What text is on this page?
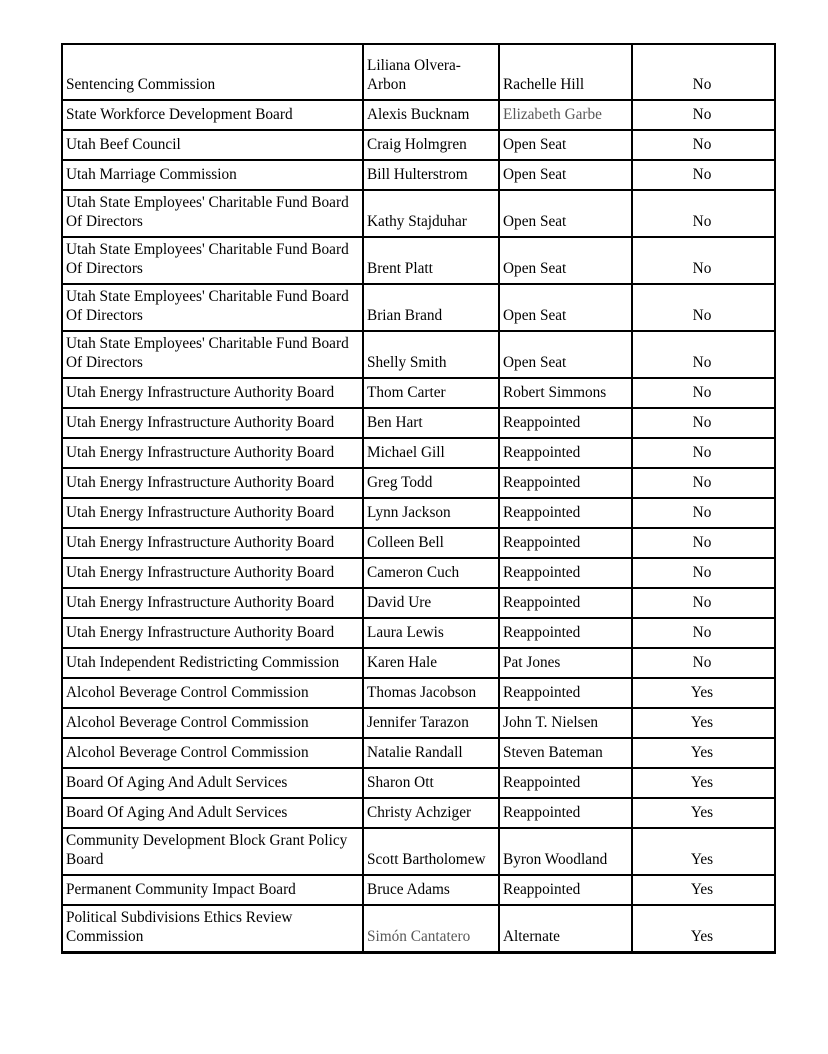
Sentencing Commission	Liliana Olvera-Arbon	Rachelle Hill	No
State Workforce Development Board	Alexis Bucknam	Elizabeth Garbe	No
Utah Beef Council	Craig Holmgren	Open Seat	No
Utah Marriage Commission	Bill Hulterstrom	Open Seat	No
Utah State Employees' Charitable Fund Board Of Directors	Kathy Stajduhar	Open Seat	No
Utah State Employees' Charitable Fund Board Of Directors	Brent Platt	Open Seat	No
Utah State Employees' Charitable Fund Board Of Directors	Brian Brand	Open Seat	No
Utah State Employees' Charitable Fund Board Of Directors	Shelly Smith	Open Seat	No
Utah Energy Infrastructure Authority Board	Thom Carter	Robert Simmons	No
Utah Energy Infrastructure Authority Board	Ben Hart	Reappointed	No
Utah Energy Infrastructure Authority Board	Michael Gill	Reappointed	No
Utah Energy Infrastructure Authority Board	Greg Todd	Reappointed	No
Utah Energy Infrastructure Authority Board	Lynn Jackson	Reappointed	No
Utah Energy Infrastructure Authority Board	Colleen Bell	Reappointed	No
Utah Energy Infrastructure Authority Board	Cameron Cuch	Reappointed	No
Utah Energy Infrastructure Authority Board	David Ure	Reappointed	No
Utah Energy Infrastructure Authority Board	Laura Lewis	Reappointed	No
Utah Independent Redistricting Commission	Karen Hale	Pat Jones	No
Alcohol Beverage Control Commission	Thomas Jacobson	Reappointed	Yes
Alcohol Beverage Control Commission	Jennifer Tarazon	John T. Nielsen	Yes
Alcohol Beverage Control Commission	Natalie Randall	Steven Bateman	Yes
Board Of Aging And Adult Services	Sharon Ott	Reappointed	Yes
Board Of Aging And Adult Services	Christy Achziger	Reappointed	Yes
Community Development Block Grant Policy Board	Scott Bartholomew	Byron Woodland	Yes
Permanent Community Impact Board	Bruce Adams	Reappointed	Yes
Political Subdivisions Ethics Review Commission	Simón Cantatero	Alternate	Yes
